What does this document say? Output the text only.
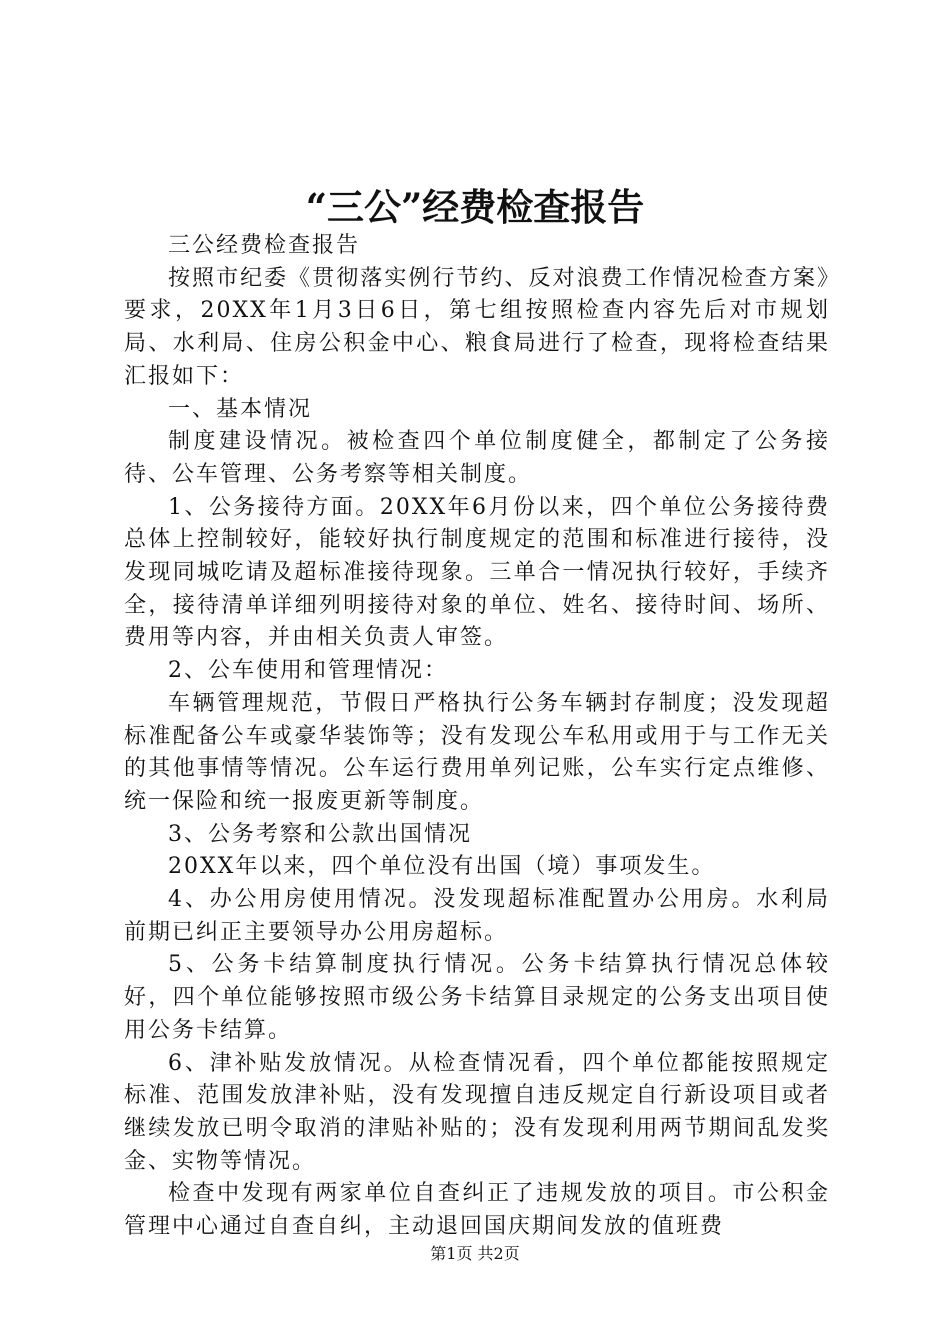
“三公”经费检查报告

三公经费检查报告

按照市纪委《贯彻落实例行节约、反对浪费工作情况检查方案》要求，20XX年1月3日6日，第七组按照检查内容先后对市规划局、水利局、住房公积金中心、粮食局进行了检查，现将检查结果汇报如下：

一、基本情况

制度建设情况。被检查四个单位制度健全，都制定了公务接待、公车管理、公务考察等相关制度。

1、公务接待方面。20XX年6月份以来，四个单位公务接待费总体上控制较好，能较好执行制度规定的范围和标准进行接待，没发现同城吃请及超标准接待现象。三单合一情况执行较好，手续齐全，接待清单详细列明接待对象的单位、姓名、接待时间、场所、费用等内容，并由相关负责人审签。

2、公车使用和管理情况：

车辆管理规范，节假日严格执行公务车辆封存制度；没发现超标准配备公车或豪华装饰等；没有发现公车私用或用于与工作无关的其他事情等情况。公车运行费用单列记账，公车实行定点维修、统一保险和统一报废更新等制度。

3、公务考察和公款出国情况

20XX年以来，四个单位没有出国（境）事项发生。

4、办公用房使用情况。没发现超标准配置办公用房。水利局前期已纠正主要领导办公用房超标。

5、公务卡结算制度执行情况。公务卡结算执行情况总体较好，四个单位能够按照市级公务卡结算目录规定的公务支出项目使用公务卡结算。

6、津补贴发放情况。从检查情况看，四个单位都能按照规定标准、范围发放津补贴，没有发现擅自违反规定自行新设项目或者继续发放已明令取消的津贴补贴的；没有发现利用两节期间乱发奖金、实物等情况。

检查中发现有两家单位自查纠正了违规发放的项目。市公积金管理中心通过自查自纠，主动退回国庆期间发放的值班费

第1页 共2页
